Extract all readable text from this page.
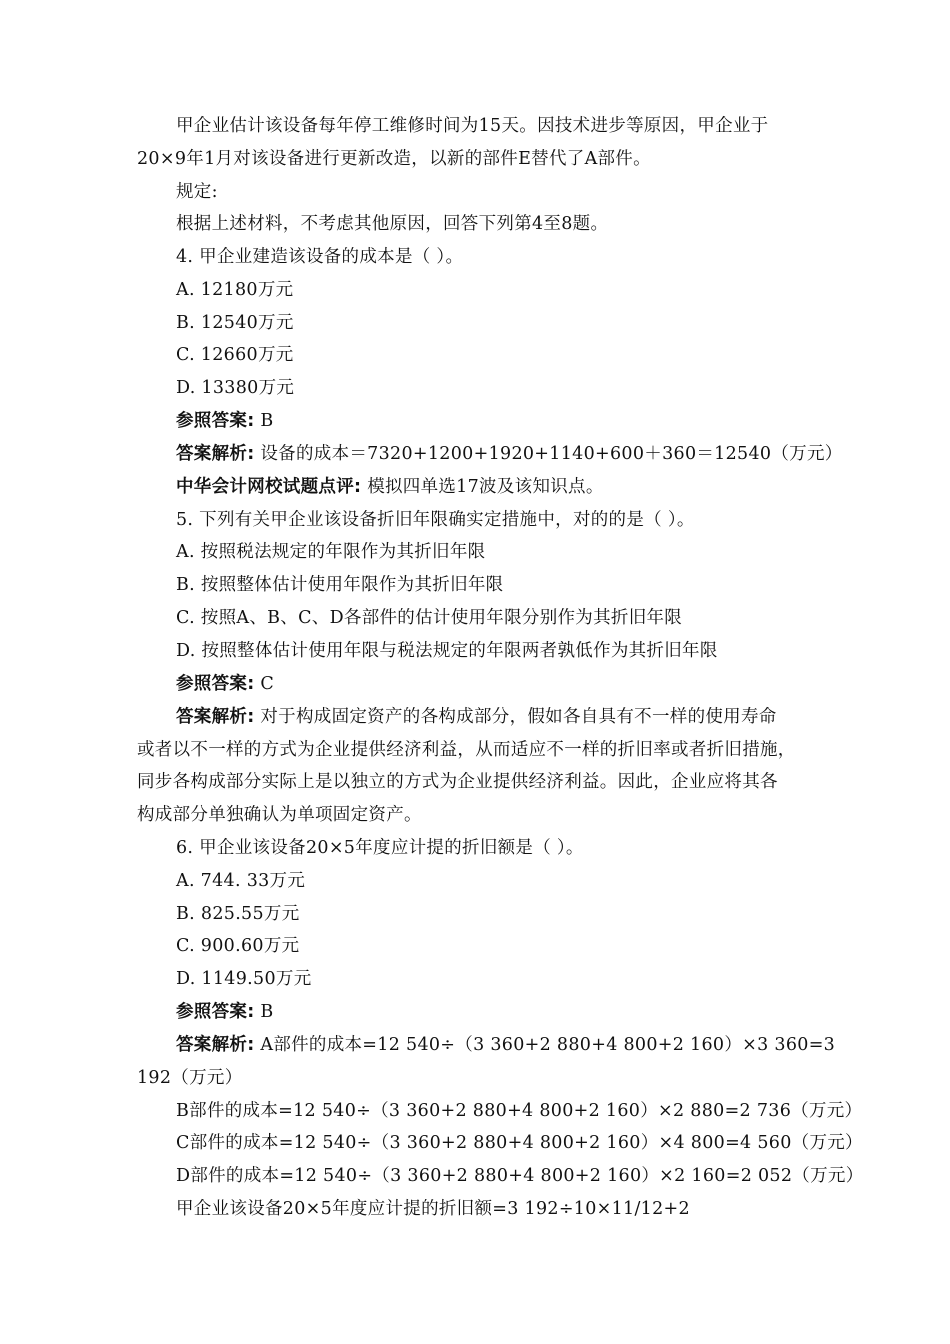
甲企业估计该设备每年停工维修时间为15天。因技术进步等原因，甲企业于
20×9年1月对该设备进行更新改造，以新的部件E替代了A部件。
规定:
根据上述材料，不考虑其他原因，回答下列第4至8题。
4. 甲企业建造该设备的成本是（ ）。
A. 12180万元
B. 12540万元
C. 12660万元
D. 13380万元
参照答案: B
答案解析: 设备的成本＝7320+1200+1920+1140+600＋360＝12540（万元）
中华会计网校试题点评: 模拟四单选17波及该知识点。
5. 下列有关甲企业该设备折旧年限确实定措施中，对的的是（ ）。
A. 按照税法规定的年限作为其折旧年限
B. 按照整体估计使用年限作为其折旧年限
C. 按照A、B、C、D各部件的估计使用年限分别作为其折旧年限
D. 按照整体估计使用年限与税法规定的年限两者孰低作为其折旧年限
参照答案: C
答案解析: 对于构成固定资产的各构成部分，假如各自具有不一样的使用寿命
或者以不一样的方式为企业提供经济利益，从而适应不一样的折旧率或者折旧措施，
同步各构成部分实际上是以独立的方式为企业提供经济利益。因此，企业应将其各
构成部分单独确认为单项固定资产。
6. 甲企业该设备20×5年度应计提的折旧额是（ ）。
A. 744. 33万元
B. 825.55万元
C. 900.60万元
D. 1149.50万元
参照答案: B
答案解析: A部件的成本=12 540÷（3 360+2 880+4 800+2 160）×3 360=3
192（万元）
B部件的成本=12 540÷（3 360+2 880+4 800+2 160）×2 880=2 736（万元）
C部件的成本=12 540÷（3 360+2 880+4 800+2 160）×4 800=4 560（万元）
D部件的成本=12 540÷（3 360+2 880+4 800+2 160）×2 160=2 052（万元）
甲企业该设备20×5年度应计提的折旧额=3 192÷10×11/12+2
